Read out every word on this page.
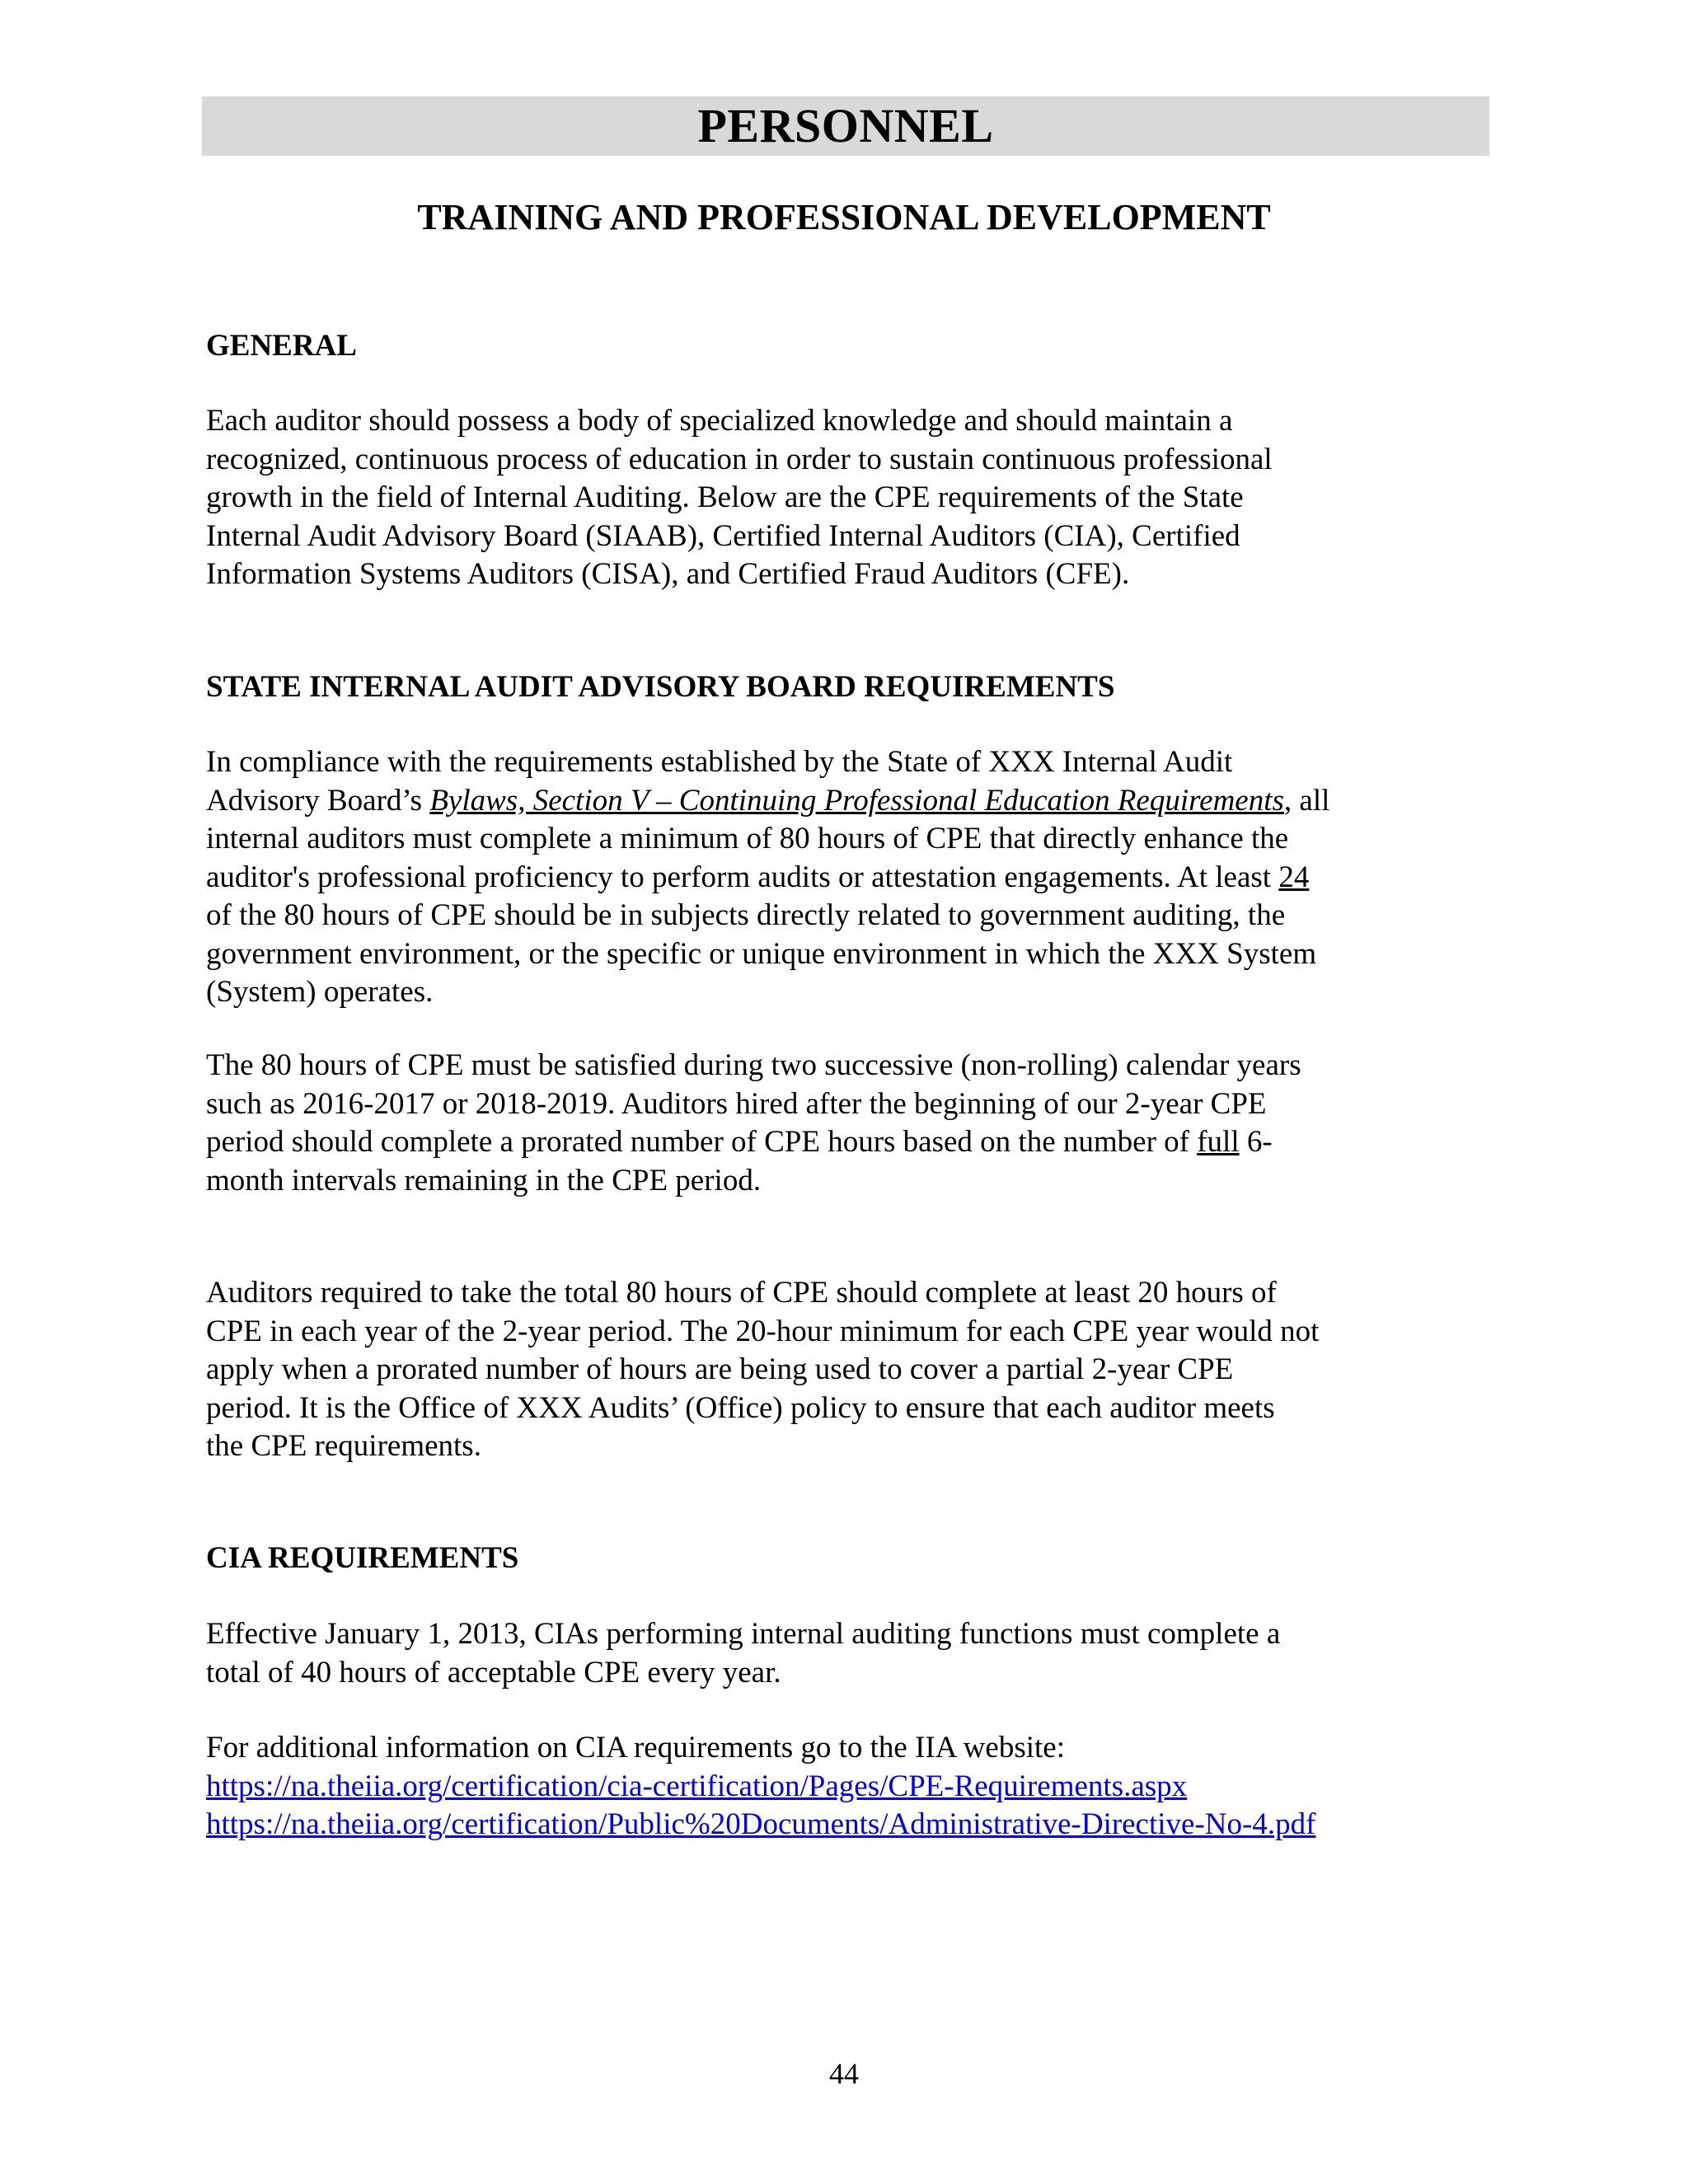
PERSONNEL
TRAINING AND PROFESSIONAL DEVELOPMENT
GENERAL
Each auditor should possess a body of specialized knowledge and should maintain a
recognized, continuous process of education in order to sustain continuous professional
growth in the field of Internal Auditing. Below are the CPE requirements of the State
Internal Audit Advisory Board (SIAAB), Certified Internal Auditors (CIA), Certified
Information Systems Auditors (CISA), and Certified Fraud Auditors (CFE).
STATE INTERNAL AUDIT ADVISORY BOARD REQUIREMENTS
In compliance with the requirements established by the State of XXX Internal Audit
Advisory Board’s Bylaws, Section V – Continuing Professional Education Requirements, all
internal auditors must complete a minimum of 80 hours of CPE that directly enhance the
auditor's professional proficiency to perform audits or attestation engagements. At least 24
of the 80 hours of CPE should be in subjects directly related to government auditing, the
government environment, or the specific or unique environment in which the XXX System
(System) operates.
The 80 hours of CPE must be satisfied during two successive (non-rolling) calendar years
such as 2016-2017 or 2018-2019. Auditors hired after the beginning of our 2-year CPE
period should complete a prorated number of CPE hours based on the number of full 6-
month intervals remaining in the CPE period.
Auditors required to take the total 80 hours of CPE should complete at least 20 hours of
CPE in each year of the 2-year period. The 20-hour minimum for each CPE year would not
apply when a prorated number of hours are being used to cover a partial 2-year CPE
period. It is the Office of XXX Audits’ (Office) policy to ensure that each auditor meets
the CPE requirements.
CIA REQUIREMENTS
Effective January 1, 2013, CIAs performing internal auditing functions must complete a
total of 40 hours of acceptable CPE every year.
For additional information on CIA requirements go to the IIA website:
https://na.theiia.org/certification/cia-certification/Pages/CPE-Requirements.aspx
https://na.theiia.org/certification/Public%20Documents/Administrative-Directive-No-4.pdf
44
